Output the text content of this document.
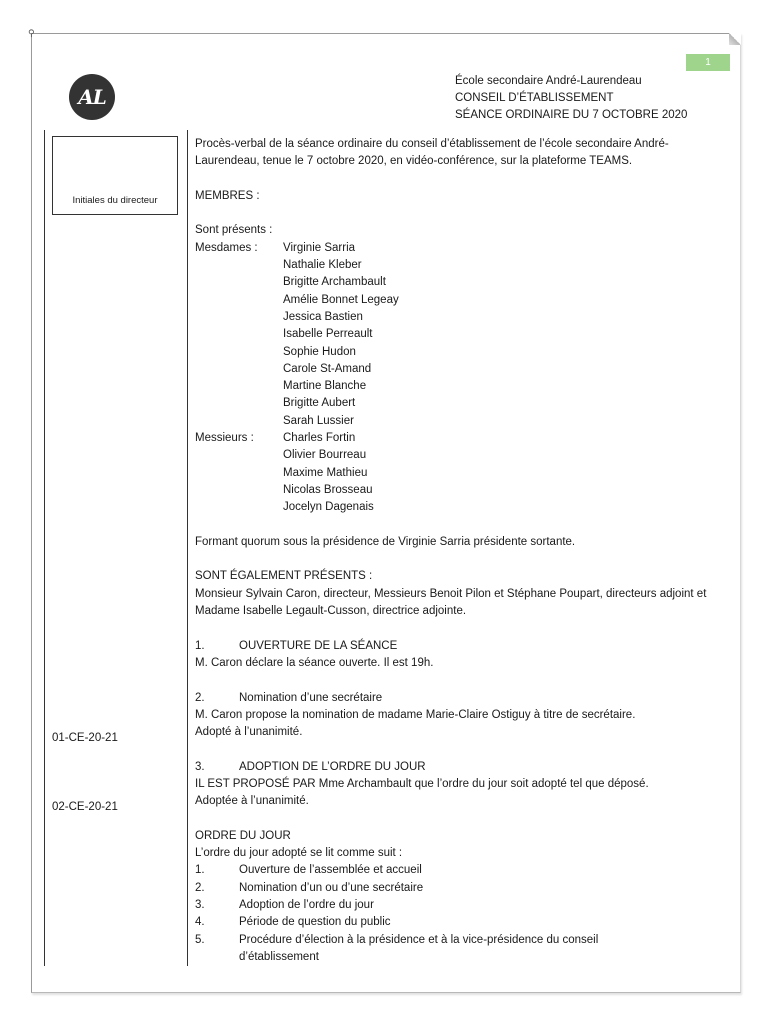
⚲
1
AL
École secondaire André-Laurendeau
CONSEIL D’ÉTABLISSEMENT
SÉANCE ORDINAIRE DU 7 OCTOBRE 2020
Initiales du directeur
01-CE-20-21
02-CE-20-21

Procès-verbal de la séance ordinaire du conseil d’établissement de l’école secondaire André-Laurendeau, tenue le 7 octobre 2020, en vidéo-conférence, sur la plateforme TEAMS.

MEMBRES :

Sont présents :

Mesdames :	Virginie Sarria

Nathalie Kleber

Brigitte Archambault

Amélie Bonnet Legeay

Jessica Bastien

Isabelle Perreault

Sophie Hudon

Carole St-Amand

Martine Blanche

Brigitte Aubert

Sarah Lussier

Messieurs :	Charles Fortin

Olivier Bourreau

Maxime Mathieu

Nicolas Brosseau

Jocelyn Dagenais

Formant quorum sous la présidence de Virginie Sarria présidente sortante.

SONT ÉGALEMENT PRÉSENTS :

Monsieur Sylvain Caron, directeur, Messieurs Benoit Pilon et Stéphane Poupart, directeurs adjoint et Madame Isabelle Legault-Cusson, directrice adjointe.

1.	OUVERTURE DE LA SÉANCE

M. Caron déclare la séance ouverte. Il est 19h.

2.	Nomination d’une secrétaire

M. Caron propose la nomination de madame Marie-Claire Ostiguy à titre de secrétaire.

Adopté à l’unanimité.

3.	ADOPTION DE L’ORDRE DU JOUR

IL EST PROPOSÉ PAR Mme Archambault que l’ordre du jour soit adopté tel que déposé.

Adoptée à l’unanimité.

ORDRE DU JOUR

L’ordre du jour adopté se lit comme suit :

1.	Ouverture de l’assemblée et accueil
2.	Nomination d’un ou d’une secrétaire
3.	Adoption de l’ordre du jour
4.	Période de question du public
5.	Procédure d’élection à la présidence et à la vice-présidence du conseil d’établissement
